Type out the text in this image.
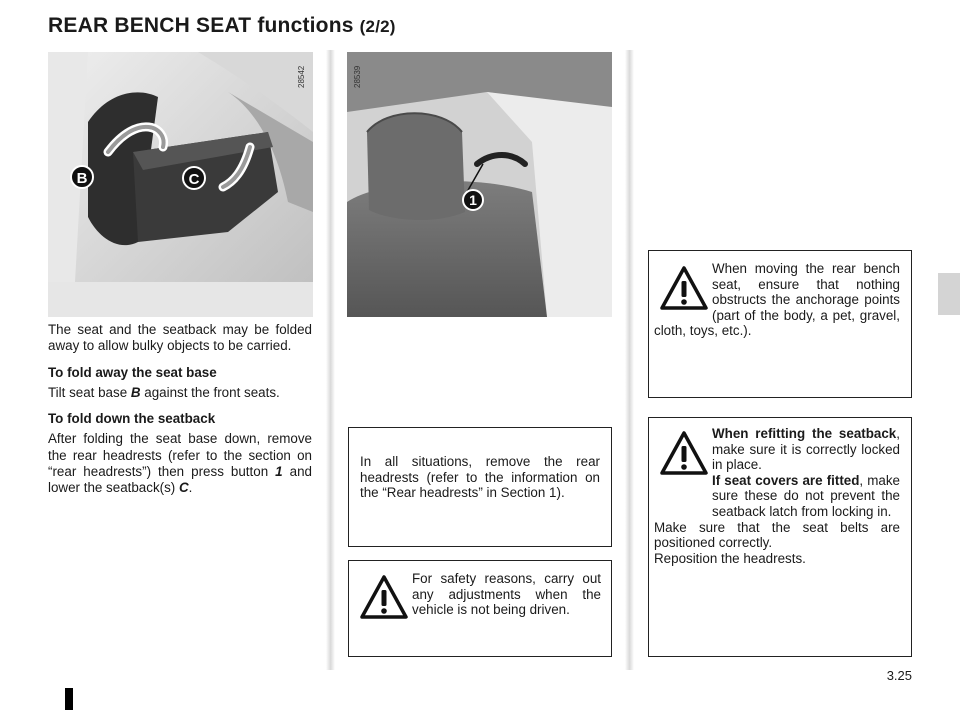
REAR BENCH SEAT functions (2/2)
B	C
28542
1
28539

The seat and the seatback may be folded away to allow bulky objects to be carried.

To fold away the seat base

Tilt seat base B against the front seats.

To fold down the seatback

After folding the seat base down, remove the rear headrests (refer to the section on “rear headrests”) then press button 1 and lower the seatback(s) C.

In all situations, remove the rear headrests (refer to the information on the “Rear headrests” in Section 1).
For safety reasons, carry out any adjustments when the vehicle is not being driven.
When moving the rear bench seat, ensure that nothing obstructs the anchorage points (part of the body, a pet, gravel, cloth, toys, etc.).
When refitting the seatback, make sure it is correctly locked in place.
If seat covers are fitted, make sure these do not prevent the seatback latch from locking in.
Make sure that the seat belts are positioned correctly.
Reposition the headrests.
3.25
